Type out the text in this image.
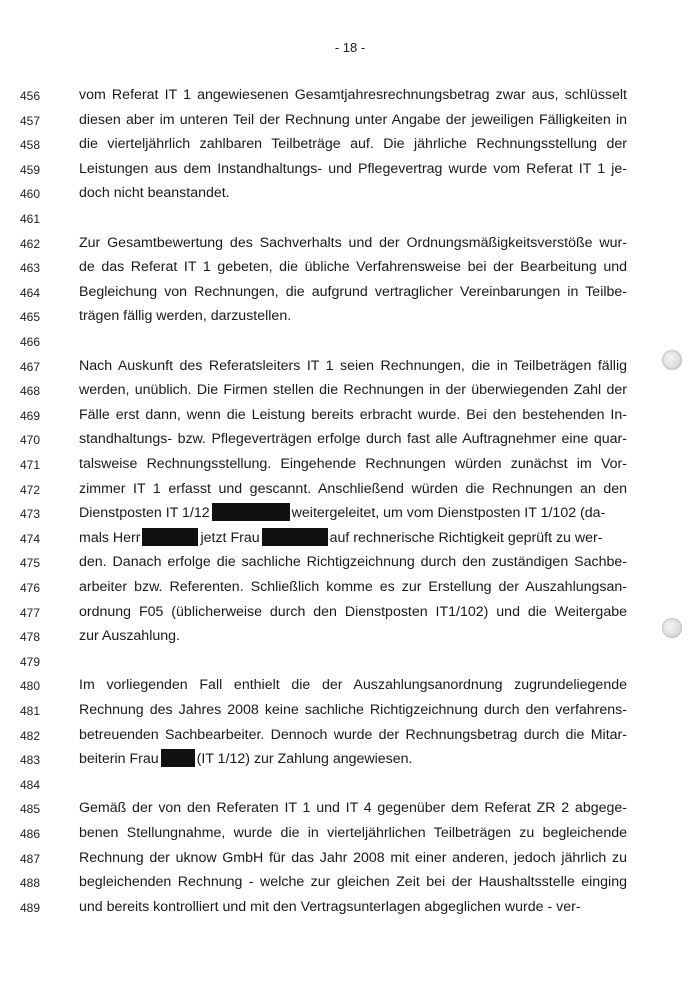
- 18 -
456	vom Referat IT 1 angewiesenen Gesamtjahresrechnungsbetrag zwar aus, schlüsselt
457	diesen aber im unteren Teil der Rechnung unter Angabe der jeweiligen Fälligkeiten in
458	die vierteljährlich zahlbaren Teilbeträge auf. Die jährliche Rechnungsstellung der
459	Leistungen aus dem Instandhaltungs- und Pflegevertrag wurde vom Referat IT 1 je-
460	doch nicht beanstandet.
461
462	Zur Gesamtbewertung des Sachverhalts und der Ordnungsmäßigkeitsverstöße wur-
463	de das Referat IT 1 gebeten, die übliche Verfahrensweise bei der Bearbeitung und
464	Begleichung von Rechnungen, die aufgrund vertraglicher Vereinbarungen in Teilbe-
465	trägen fällig werden, darzustellen.
466
467	Nach Auskunft des Referatsleiters IT 1 seien Rechnungen, die in Teilbeträgen fällig
468	werden, unüblich. Die Firmen stellen die Rechnungen in der überwiegenden Zahl der
469	Fälle erst dann, wenn die Leistung bereits erbracht wurde. Bei den bestehenden In-
470	standhaltungs- bzw. Pflegeverträgen erfolge durch fast alle Auftragnehmer eine quar-
471	talsweise Rechnungsstellung. Eingehende Rechnungen würden zunächst im Vor-
472	zimmer IT 1 erfasst und gescannt. Anschließend würden die Rechnungen an den
473	Dienstposten IT 1/12	weitergeleitet, um vom Dienstposten IT 1/102 (da-
474	mals Herr	jetzt Frau	auf rechnerische Richtigkeit geprüft zu wer-
475	den. Danach erfolge die sachliche Richtigzeichnung durch den zuständigen Sachbe-
476	arbeiter bzw. Referenten. Schließlich komme es zur Erstellung der Auszahlungsan-
477	ordnung F05 (üblicherweise durch den Dienstposten IT1/102) und die Weitergabe
478	zur Auszahlung.
479
480	Im vorliegenden Fall enthielt die der Auszahlungsanordnung zugrundeliegende
481	Rechnung des Jahres 2008 keine sachliche Richtigzeichnung durch den verfahrens-
482	betreuenden Sachbearbeiter. Dennoch wurde der Rechnungsbetrag durch die Mitar-
483	beiterin Frau	(IT 1/12) zur Zahlung angewiesen.
484
485	Gemäß der von den Referaten IT 1 und IT 4 gegenüber dem Referat ZR 2 abgege-
486	benen Stellungnahme, wurde die in vierteljährlichen Teilbeträgen zu begleichende
487	Rechnung der uknow GmbH für das Jahr 2008 mit einer anderen, jedoch jährlich zu
488	begleichenden Rechnung - welche zur gleichen Zeit bei der Haushaltsstelle einging
489	und bereits kontrolliert und mit den Vertragsunterlagen abgeglichen wurde - ver-
